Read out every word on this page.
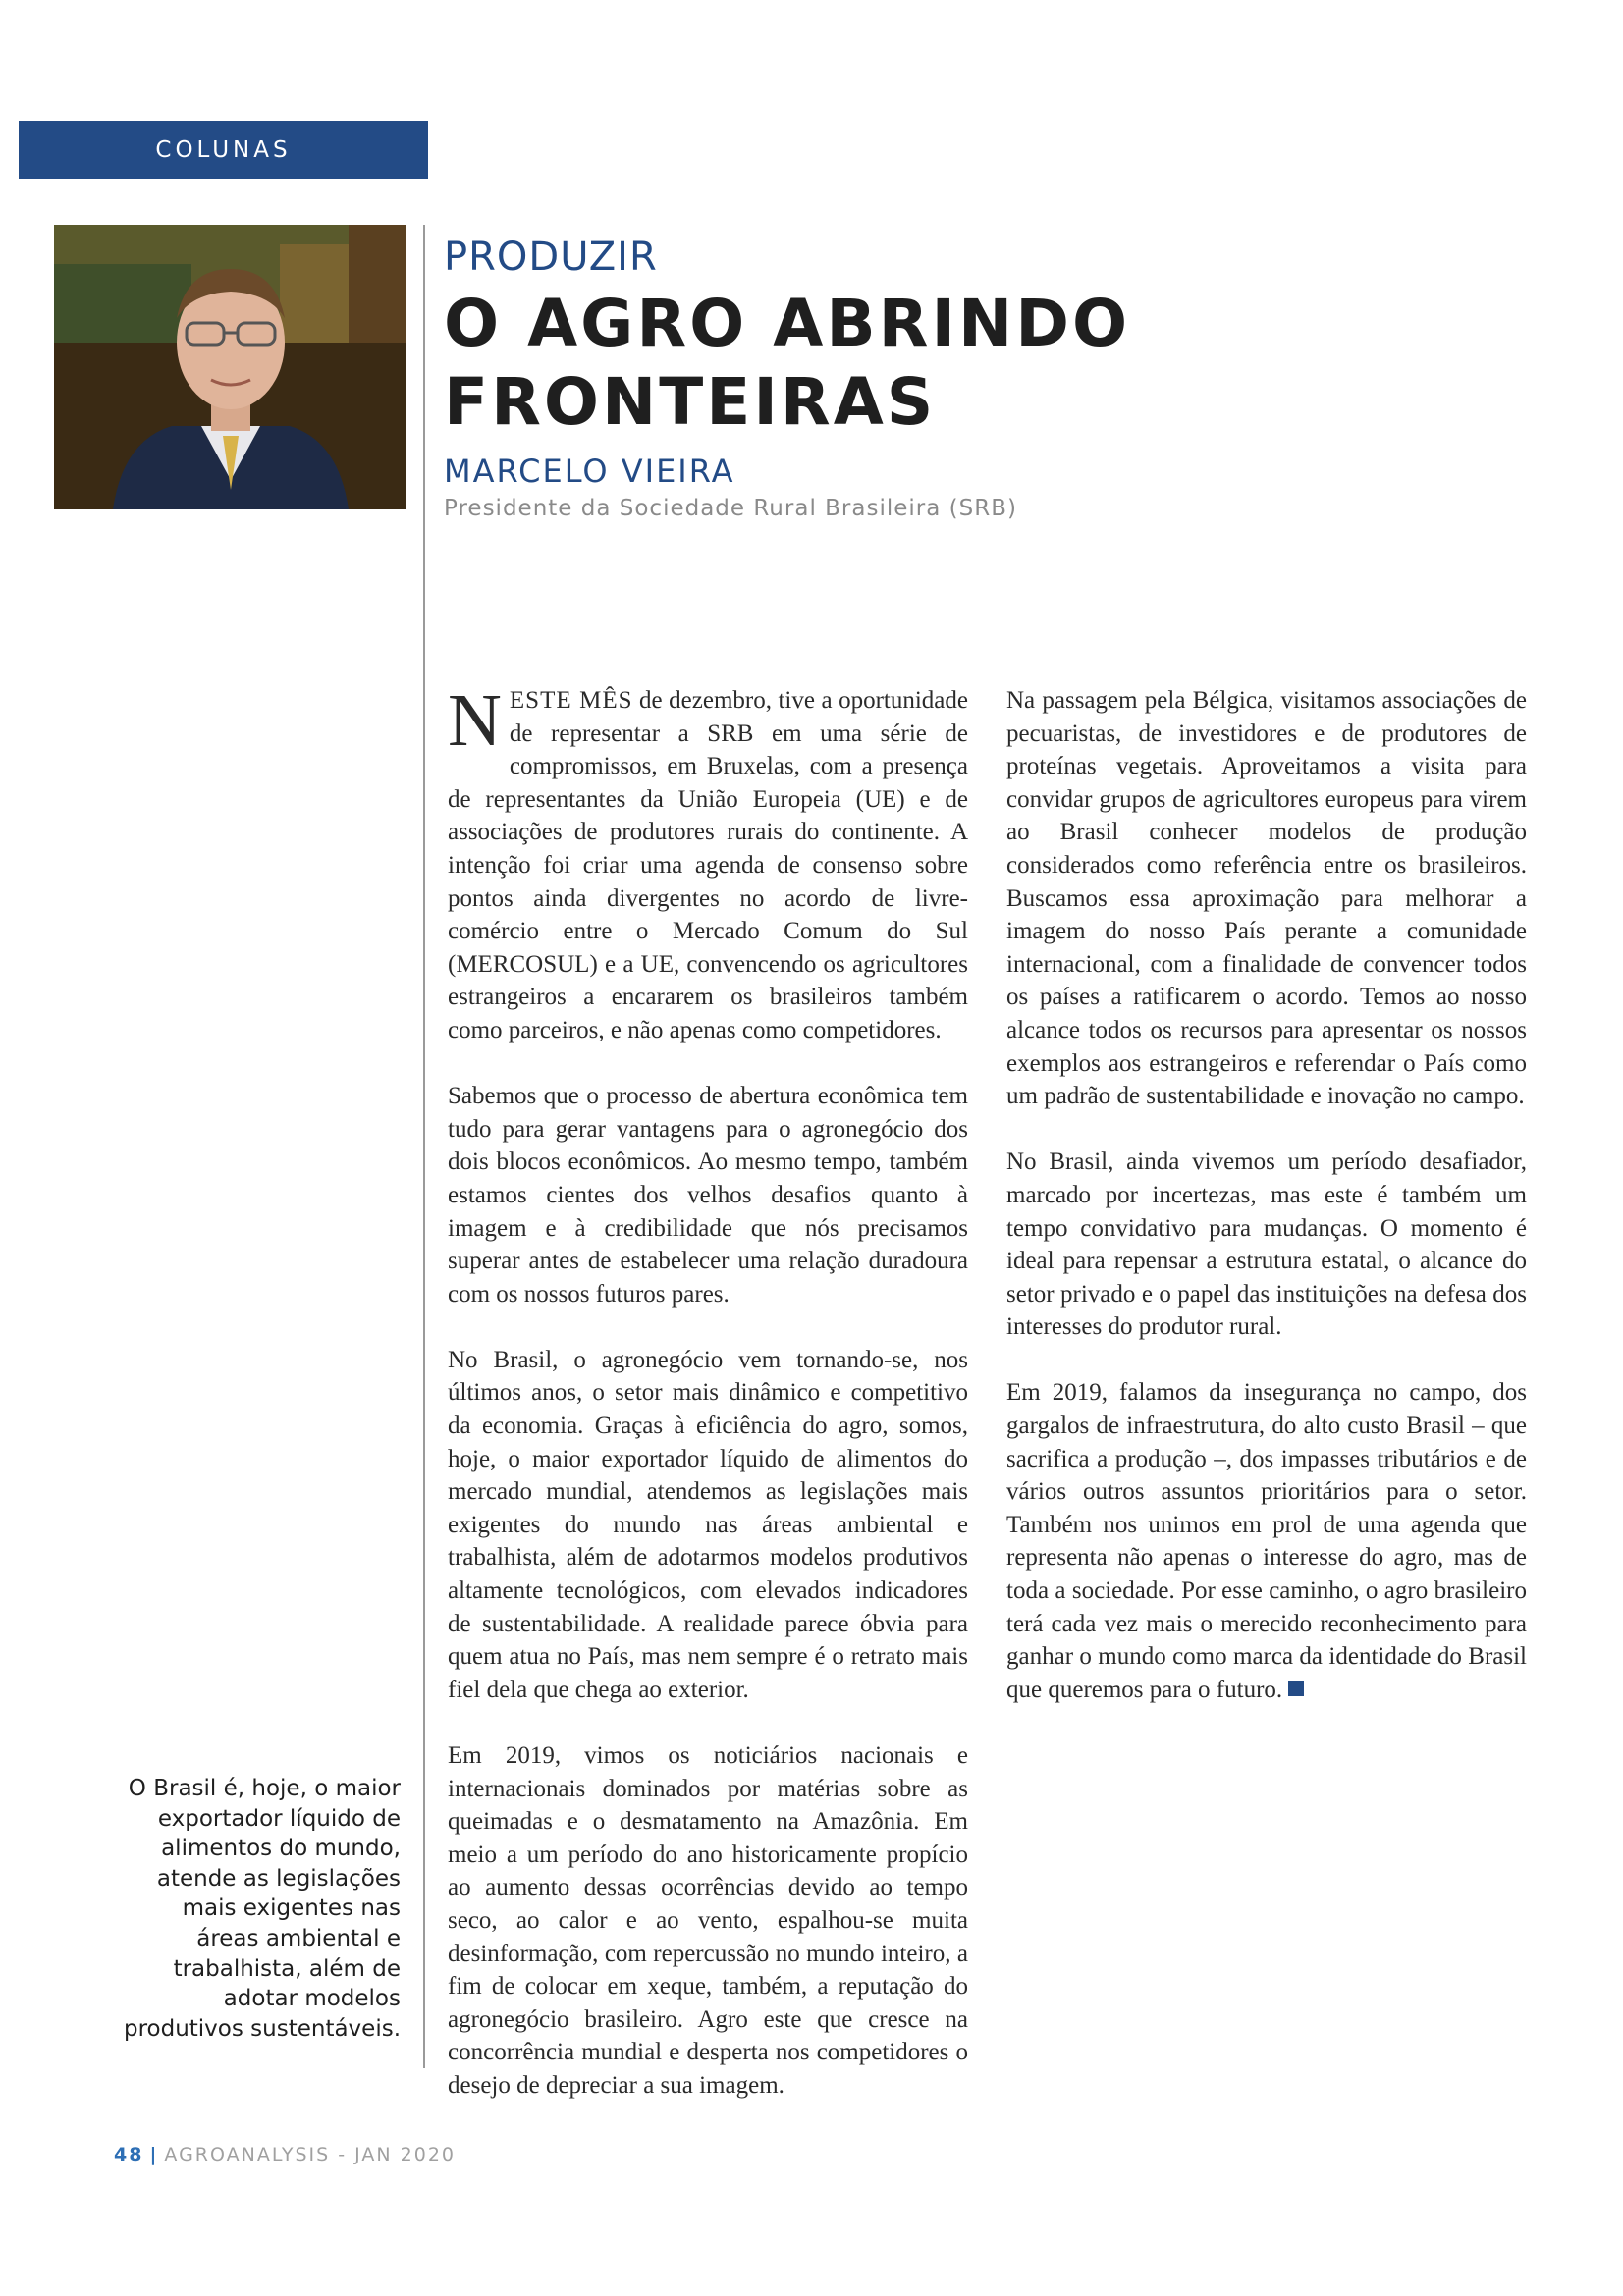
COLUNAS
PRODUZIR
O AGRO ABRINDO
FRONTEIRAS
MARCELO VIEIRA
Presidente da Sociedade Rural Brasileira (SRB)

NESTE MÊS de dezembro, tive a oportunidade de representar a SRB em uma série de compromissos, em Bruxelas, com a presença de representantes da União Europeia (UE) e de associações de produtores rurais do continente. A intenção foi criar uma agenda de consenso sobre pontos ainda divergentes no acordo de livre-comércio entre o Mercado Comum do Sul (MERCOSUL) e a UE, convencendo os agricultores estrangeiros a encararem os brasileiros também como parceiros, e não apenas como competidores.

Sabemos que o processo de abertura econômica tem tudo para gerar vantagens para o agronegócio dos dois blocos econômicos. Ao mesmo tempo, também estamos cientes dos velhos desafios quanto à imagem e à credibilidade que nós precisamos superar antes de estabelecer uma relação duradoura com os nossos futuros pares.

No Brasil, o agronegócio vem tornando-se, nos últimos anos, o setor mais dinâmico e competitivo da economia. Graças à eficiência do agro, somos, hoje, o maior exportador líquido de alimentos do mercado mundial, atendemos as legislações mais exigentes do mundo nas áreas ambiental e trabalhista, além de adotarmos modelos produtivos altamente tecnológicos, com elevados indicadores de sustentabilidade. A realidade parece óbvia para quem atua no País, mas nem sempre é o retrato mais fiel dela que chega ao exterior.

Em 2019, vimos os noticiários nacionais e internacionais dominados por matérias sobre as queimadas e o desmatamento na Amazônia. Em meio a um período do ano historicamente propício ao aumento dessas ocorrências devido ao tempo seco, ao calor e ao vento, espalhou-se muita desinformação, com repercussão no mundo inteiro, a fim de colocar em xeque, também, a reputação do agronegócio brasileiro. Agro este que cresce na concorrência mundial e desperta nos competidores o desejo de depreciar a sua imagem.

Na passagem pela Bélgica, visitamos associações de pecuaristas, de investidores e de produtores de proteínas vegetais. Aproveitamos a visita para convidar grupos de agricultores europeus para virem ao Brasil conhecer modelos de produção considerados como referência entre os brasileiros. Buscamos essa aproximação para melhorar a imagem do nosso País perante a comunidade internacional, com a finalidade de convencer todos os países a ratificarem o acordo. Temos ao nosso alcance todos os recursos para apresentar os nossos exemplos aos estrangeiros e referendar o País como um padrão de sustentabilidade e inovação no campo.

No Brasil, ainda vivemos um período desafiador, marcado por incertezas, mas este é também um tempo convidativo para mudanças. O momento é ideal para repensar a estrutura estatal, o alcance do setor privado e o papel das instituições na defesa dos interesses do produtor rural.

Em 2019, falamos da insegurança no campo, dos gargalos de infraestrutura, do alto custo Brasil – que sacrifica a produção –, dos impasses tributários e de vários outros assuntos prioritários para o setor. Também nos unimos em prol de uma agenda que representa não apenas o interesse do agro, mas de toda a sociedade. Por esse caminho, o agro brasileiro terá cada vez mais o merecido reconhecimento para ganhar o mundo como marca da identidade do Brasil que queremos para o futuro.

O Brasil é, hoje, o maior exportador líquido de alimentos do mundo, atende as legislações mais exigentes nas áreas ambiental e trabalhista, além de adotar modelos produtivos sustentáveis.
48 | AGROANALYSIS - JAN 2020
